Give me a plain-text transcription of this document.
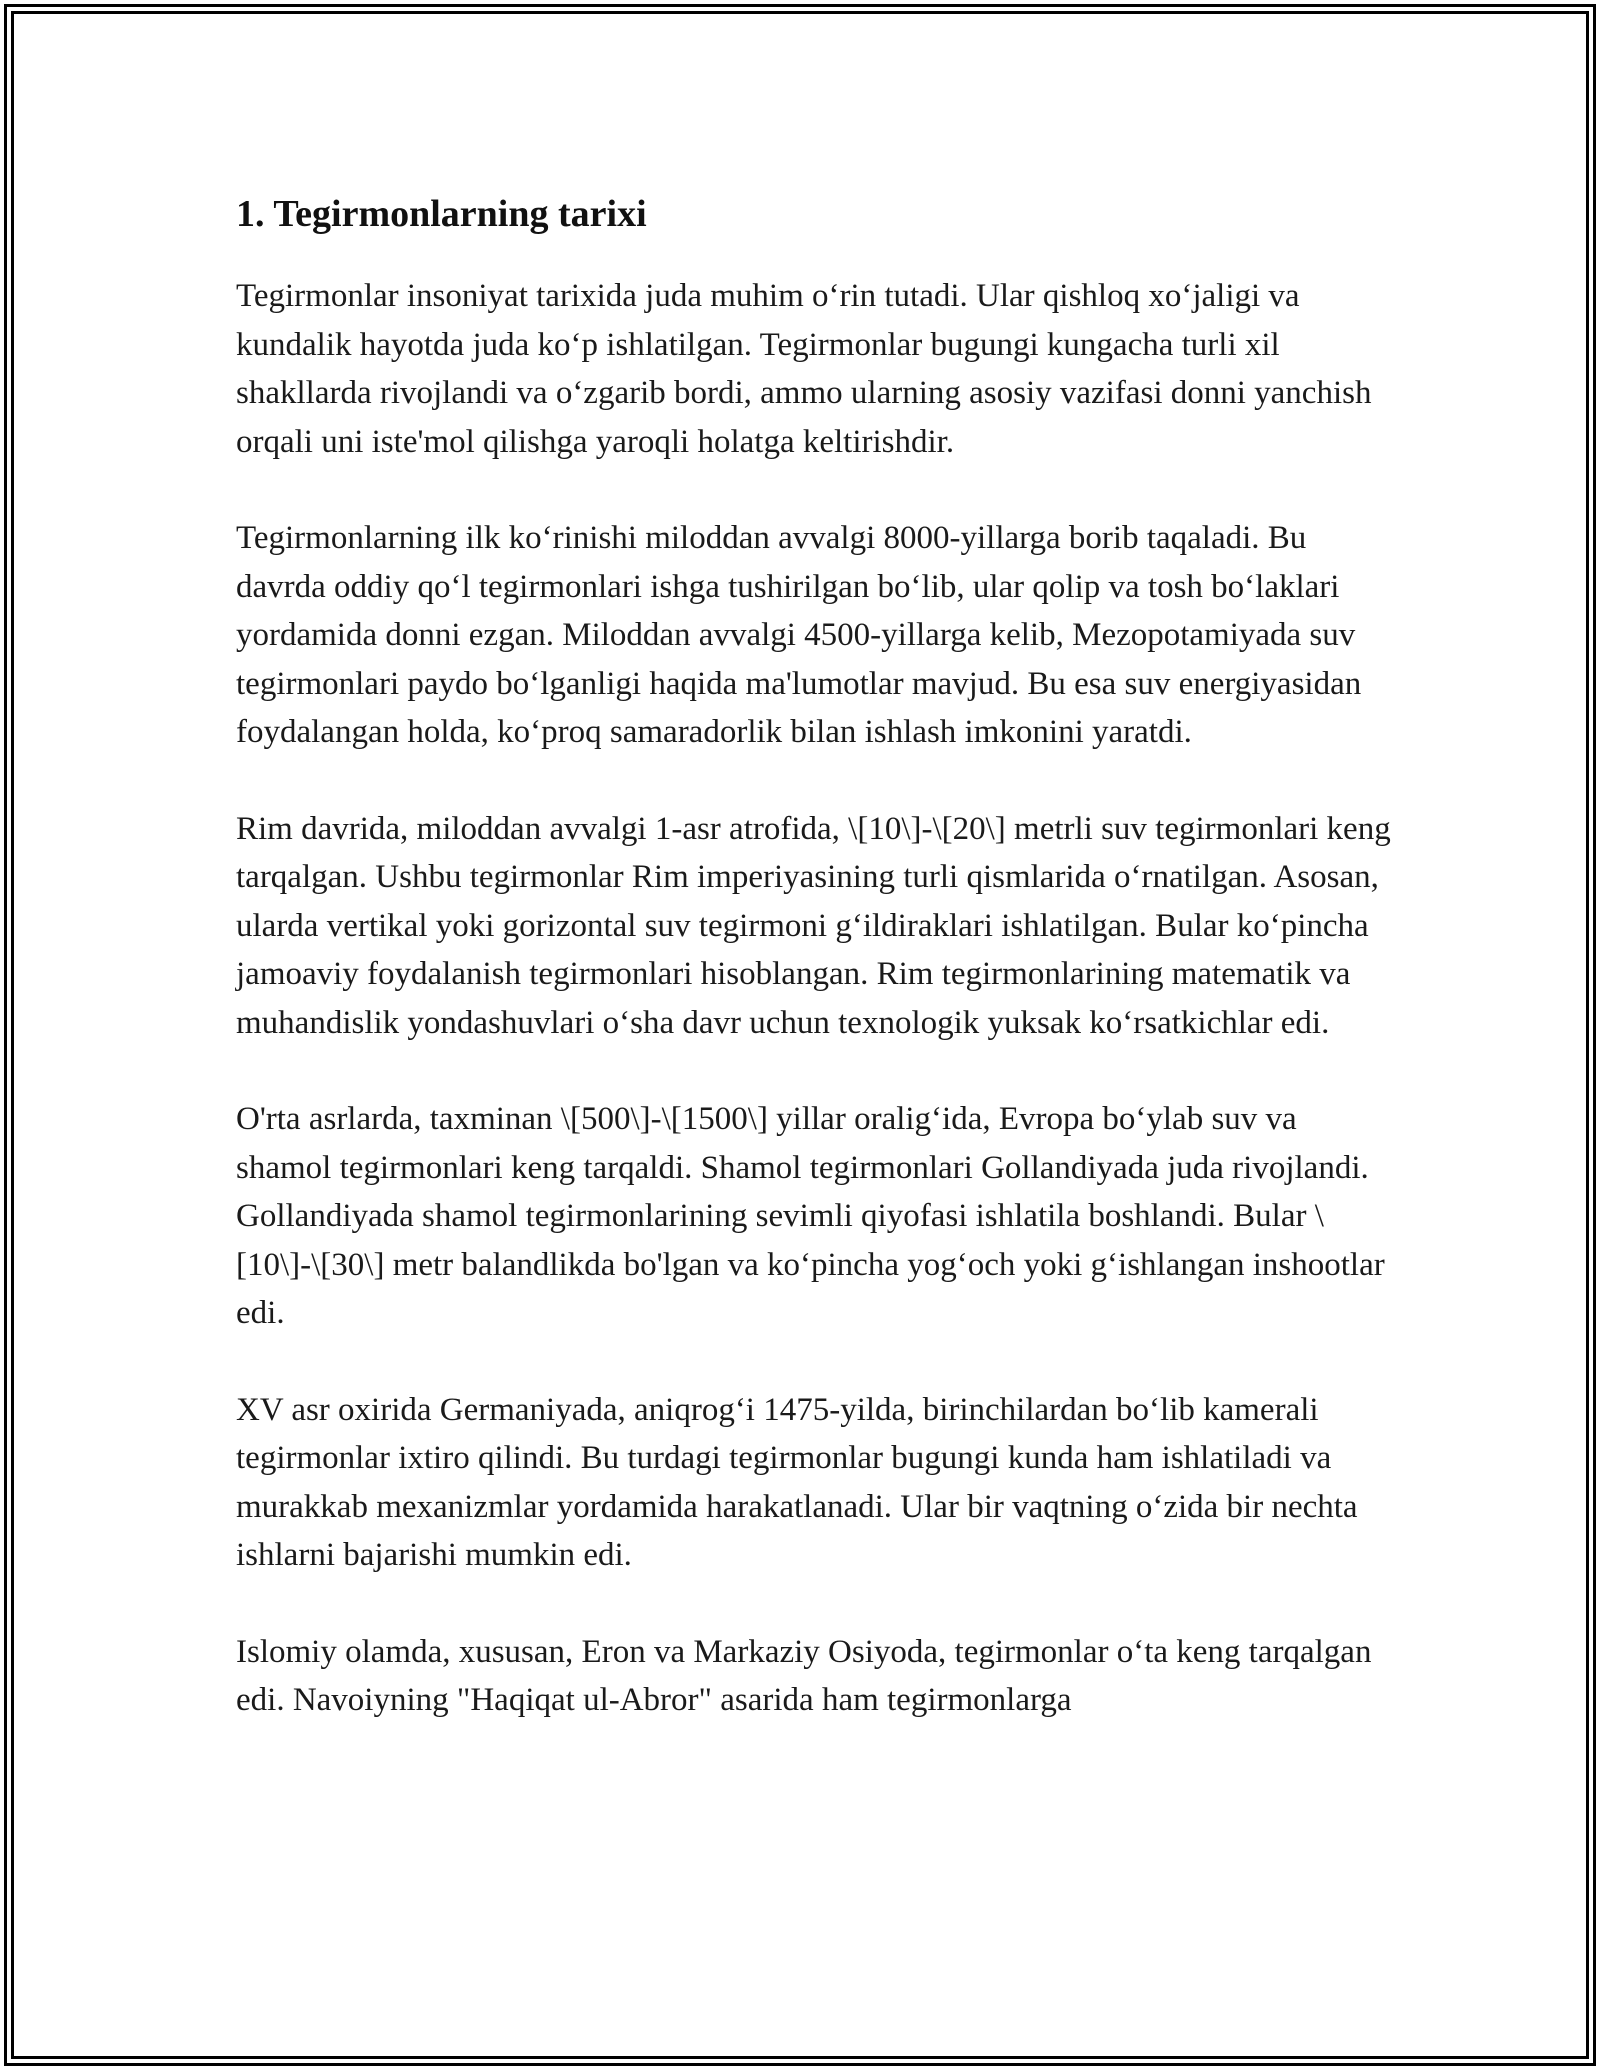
1. Tegirmonlarning tarixi

Tegirmonlar insoniyat tarixida juda muhim o‘rin tutadi. Ular qishloq xo‘jaligi va kundalik hayotda juda ko‘p ishlatilgan. Tegirmonlar bugungi kungacha turli xil shakllarda rivojlandi va o‘zgarib bordi, ammo ularning asosiy vazifasi donni yanchish orqali uni iste'mol qilishga yaroqli holatga keltirishdir.

Tegirmonlarning ilk ko‘rinishi miloddan avvalgi 8000-yillarga borib taqaladi. Bu davrda oddiy qo‘l tegirmonlari ishga tushirilgan bo‘lib, ular qolip va tosh bo‘laklari yordamida donni ezgan. Miloddan avvalgi 4500-yillarga kelib, Mezopotamiyada suv tegirmonlari paydo bo‘lganligi haqida ma'lumotlar mavjud. Bu esa suv energiyasidan foydalangan holda, ko‘proq samaradorlik bilan ishlash imkonini yaratdi.

Rim davrida, miloddan avvalgi 1-asr atrofida, \[10\]-\[20\] metrli suv tegirmonlari keng tarqalgan. Ushbu tegirmonlar Rim imperiyasining turli qismlarida o‘rnatilgan. Asosan, ularda vertikal yoki gorizontal suv tegirmoni g‘ildiraklari ishlatilgan. Bular ko‘pincha jamoaviy foydalanish tegirmonlari hisoblangan. Rim tegirmonlarining matematik va muhandislik yondashuvlari o‘sha davr uchun texnologik yuksak ko‘rsatkichlar edi.

O'rta asrlarda, taxminan \[500\]-\[1500\] yillar oralig‘ida, Evropa bo‘ylab suv va shamol tegirmonlari keng tarqaldi. Shamol tegirmonlari Gollandiyada juda rivojlandi. Gollandiyada shamol tegirmonlarining sevimli qiyofasi ishlatila boshlandi. Bular \[10\]-\[30\] metr balandlikda bo'lgan va ko‘pincha yog‘och yoki g‘ishlangan inshootlar edi.

XV asr oxirida Germaniyada, aniqrog‘i 1475-yilda, birinchilardan bo‘lib kamerali tegirmonlar ixtiro qilindi. Bu turdagi tegirmonlar bugungi kunda ham ishlatiladi va murakkab mexanizmlar yordamida harakatlanadi. Ular bir vaqtning o‘zida bir nechta ishlarni bajarishi mumkin edi.

Islomiy olamda, xususan, Eron va Markaziy Osiyoda, tegirmonlar o‘ta keng tarqalgan edi. Navoiyning "Haqiqat ul-Abror" asarida ham tegirmonlarga
